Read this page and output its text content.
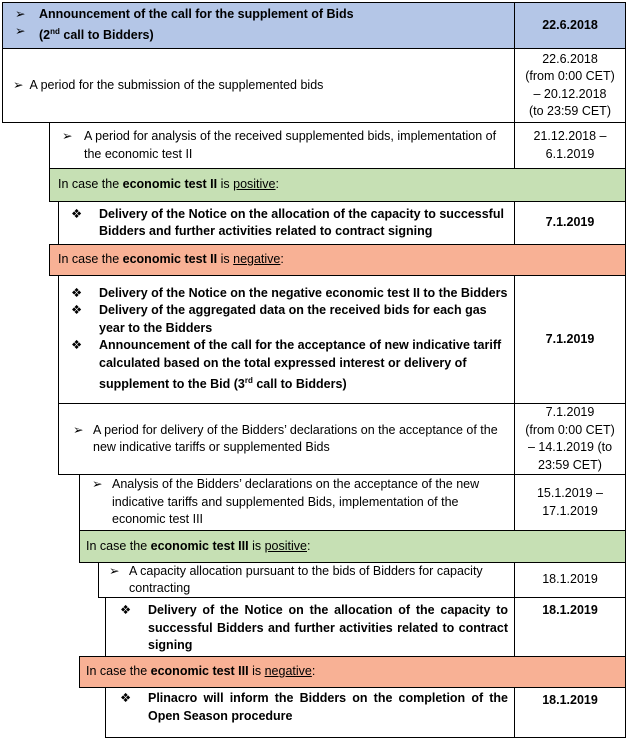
➢ Announcement of the call for the supplement of Bids
➢ (2nd call to Bidders)
22.6.2018
➢ A period for the submission of the supplemented bids
22.6.2018
(from 0:00 CET)
– 20.12.2018
(to 23:59 CET)
➢ A period for analysis of the received supplemented bids, implementation of the economic test II
21.12.2018 –
6.1.2019
In case the
economic test II
is
positive :
❖	Delivery of the Notice on the allocation of the capacity to successful Bidders and further activities related to contract signing
7.1.2019
In case the
economic test II
is
negative :
❖	Delivery of the Notice on the negative economic test II to the Bidders
❖	Delivery of the aggregated data on the received bids for each gas year to the Bidders
❖	Announcement of the call for the acceptance of new indicative tariff calculated based on the total expressed interest or delivery of supplement to the Bid (3rd call to Bidders)
7.1.2019
➢ A period for delivery of the Bidders’ declarations on the acceptance of the new indicative tariffs or supplemented Bids
7.1.2019
(from 0:00 CET)
– 14.1.2019 (to
23:59 CET)
➢ Analysis of the Bidders’ declarations on the acceptance of the new indicative tariffs and supplemented Bids, implementation of the economic test III
15.1.2019 –
17.1.2019
In case the
economic test III
is
positive :
➢ A capacity allocation pursuant to the bids of Bidders for capacity contracting
18.1.2019
❖	Delivery of the Notice on the allocation of the capacity to successful Bidders and further activities related to contract signing
18.1.2019
In case the
economic test III
is
negative :
❖	Plinacro will inform the Bidders on the completion of the Open Season procedure
18.1.2019
